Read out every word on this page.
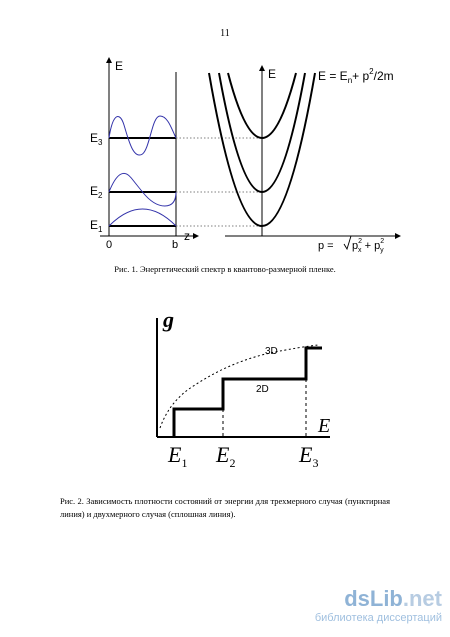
11
E
$E_3$
$E_2$
$E_1$
0	b
z
E	$E = E_n+ p^2/2m$
$p = p^2$ $x + p^2$ y
g
E
3D
2D
$E_1$ $E_2$	$E_3$
Рис. 1. Энергетический спектр в квантово-размерной пленке.
Рис. 2. Зависимость плотности состояний от энергии для трехмерного случая (пунктирная линия) и двухмерного случая (сплошная линия).
dsLib.net
библиотека диссертаций
